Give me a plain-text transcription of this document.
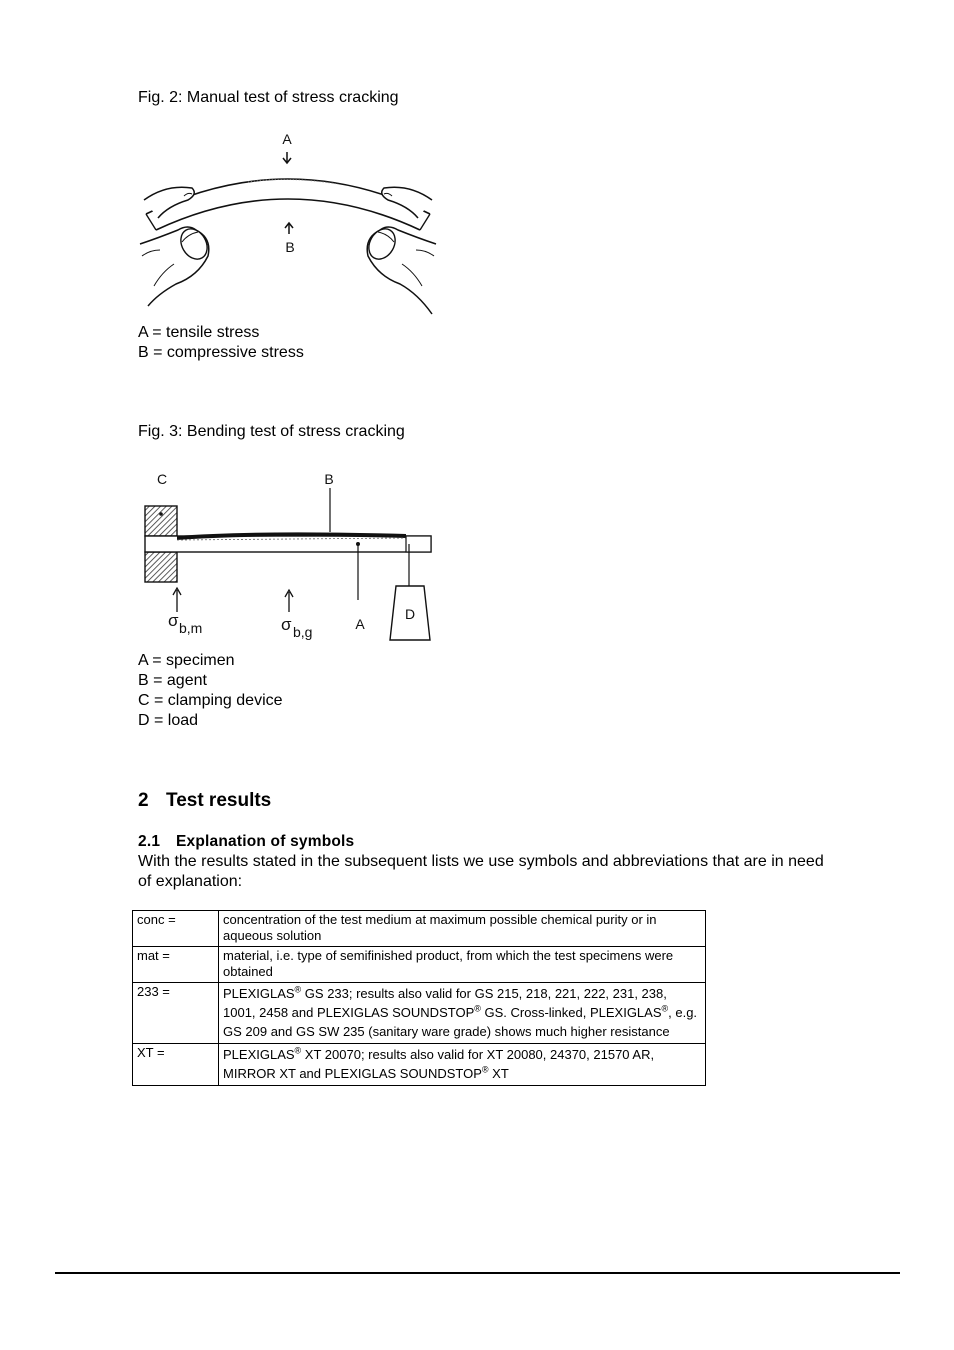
Fig. 2: Manual test of stress cracking
A
B
A = tensile stress
B = compressive stress
Fig. 3: Bending test of stress cracking
C	B
A
D
σ b,m	σ b,g
A = specimen
B = agent
C = clamping device
D = load
2 Test results
2.1 Explanation of symbols
With the results stated in the subsequent lists we use symbols and abbreviations that are in need of explanation:
conc =	concentration of the test medium at maximum possible chemical purity or in aqueous solution
mat =	material, i.e. type of semifinished product, from which the test specimens were obtained
233 =	PLEXIGLAS® GS 233; results also valid for GS 215, 218, 221, 222, 231, 238, 1001, 2458 and PLEXIGLAS SOUNDSTOP® GS. Cross-linked, PLEXIGLAS®, e.g. GS 209 and GS SW 235 (sanitary ware grade) shows much higher resistance
XT =	PLEXIGLAS® XT 20070; results also valid for XT 20080, 24370, 21570 AR, MIRROR XT and PLEXIGLAS SOUNDSTOP® XT
